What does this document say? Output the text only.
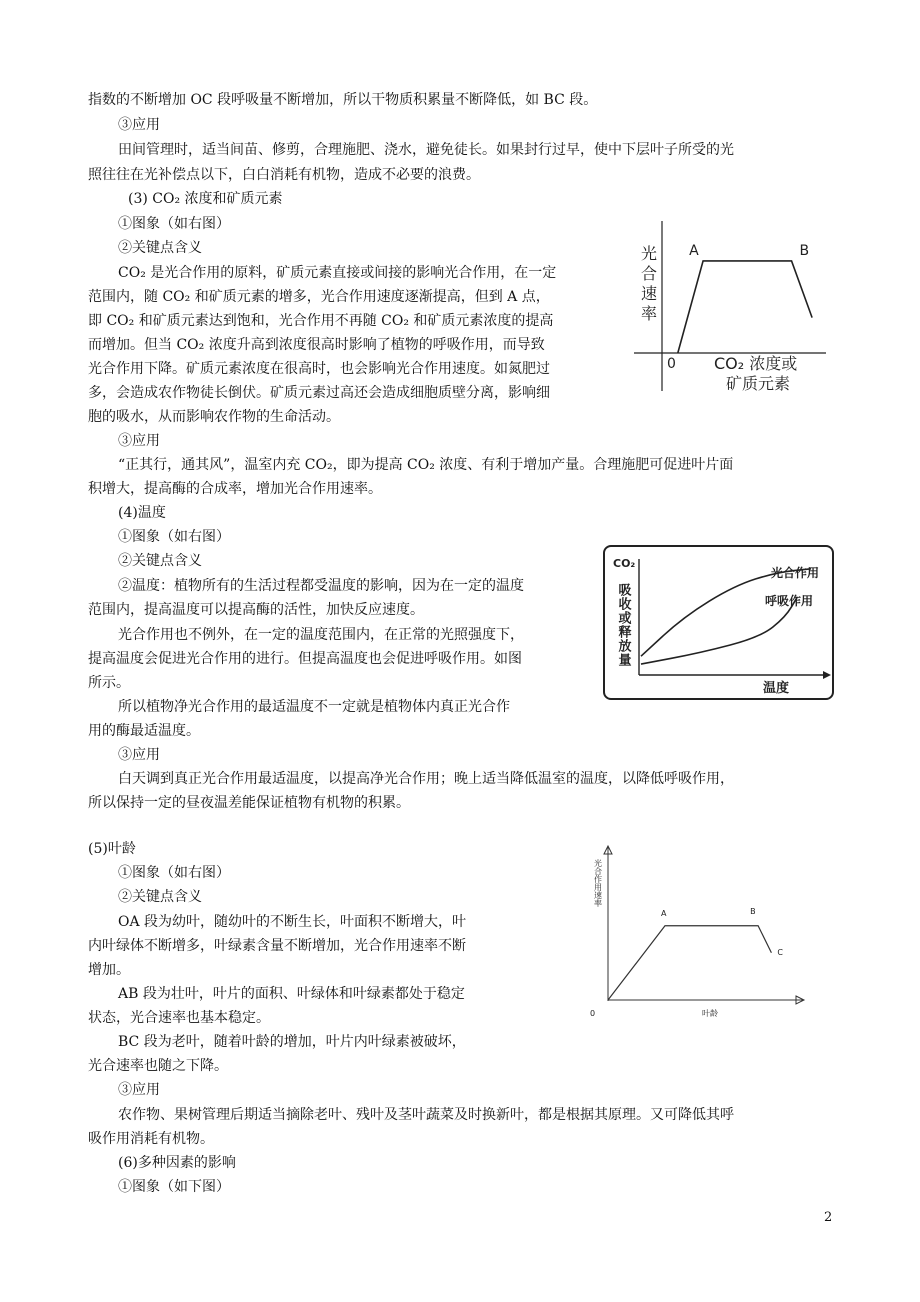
指数的不断增加 OC 段呼吸量不断增加，所以干物质积累量不断降低，如 BC 段。
③应用
田间管理时，适当间苗、修剪，合理施肥、浇水，避免徒长。如果封行过早，使中下层叶子所受的光
照往往在光补偿点以下，白白消耗有机物，造成不必要的浪费。
(3) CO₂ 浓度和矿质元素
①图象（如右图）
②关键点含义
CO₂ 是光合作用的原料，矿质元素直接或间接的影响光合作用，在一定
范围内，随 CO₂ 和矿质元素的增多，光合作用速度逐渐提高，但到 A 点，
即 CO₂ 和矿质元素达到饱和，光合作用不再随 CO₂ 和矿质元素浓度的提高
而增加。但当 CO₂ 浓度升高到浓度很高时影响了植物的呼吸作用，而导致
光合作用下降。矿质元素浓度在很高时，也会影响光合作用速度。如氮肥过
多，会造成农作物徒长倒伏。矿质元素过高还会造成细胞质壁分离，影响细
胞的吸水，从而影响农作物的生命活动。
③应用
“正其行，通其风”，温室内充 CO₂，即为提高 CO₂ 浓度、有利于增加产量。合理施肥可促进叶片面
积增大，提高酶的合成率，增加光合作用速率。
光合速率
0 CO₂ 浓度或
矿质元素
A	B
(4)温度
①图象（如右图）
②关键点含义
②温度：植物所有的生活过程都受温度的影响，因为在一定的温度
范围内，提高温度可以提高酶的活性，加快反应速度。
光合作用也不例外，在一定的温度范围内，在正常的光照强度下，
提高温度会促进光合作用的进行。但提高温度也会促进呼吸作用。如图
所示。
所以植物净光合作用的最适温度不一定就是植物体内真正光合作
用的酶最适温度。
③应用
白天调到真正光合作用最适温度，以提高净光合作用；晚上适当降低温室的温度，以降低呼吸作用，
所以保持一定的昼夜温差能保证植物有机物的积累。
CO₂
吸收或释放量
温度
光合作用
呼吸作用
(5)叶龄
①图象（如右图）
②关键点含义
OA 段为幼叶，随幼叶的不断生长，叶面积不断增大，叶
内叶绿体不断增多，叶绿素含量不断增加，光合作用速率不断
增加。
AB 段为壮叶，叶片的面积、叶绿体和叶绿素都处于稳定
状态，光合速率也基本稳定。
BC 段为老叶，随着叶龄的增加，叶片内叶绿素被破坏，
光合速率也随之下降。
③应用
农作物、果树管理后期适当摘除老叶、残叶及茎叶蔬菜及时换新叶，都是根据其原理。又可降低其呼
吸作用消耗有机物。
(6)多种因素的影响
①图象（如下图）
光合作用速率
0	叶龄
A	B
C
2
